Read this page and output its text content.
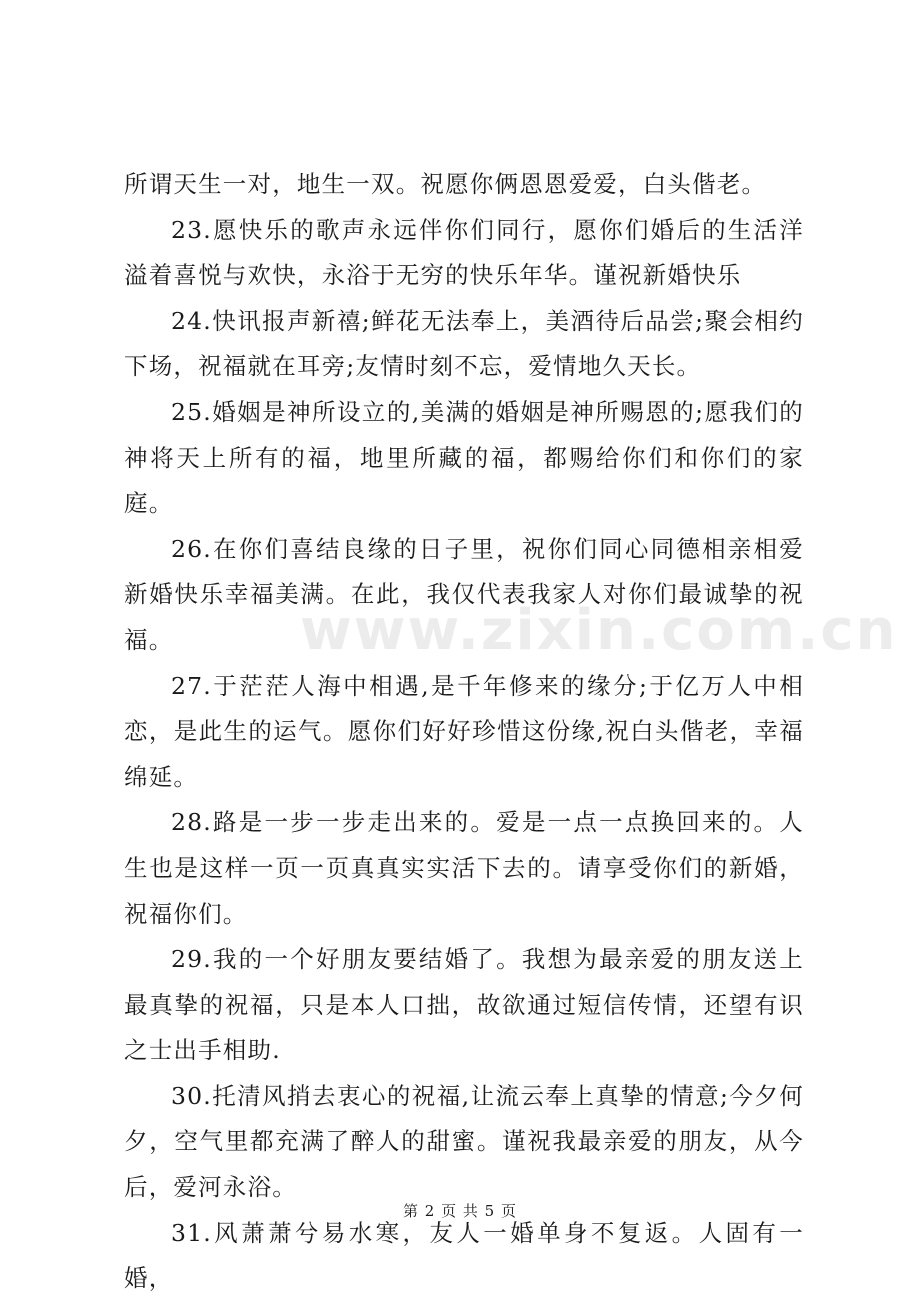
www.zixin.com.cn

所谓天生一对，地生一双。祝愿你俩恩恩爱爱，白头偕老。

23.愿快乐的歌声永远伴你们同行，愿你们婚后的生活洋溢着喜悦与欢快，永浴于无穷的快乐年华。谨祝新婚快乐

24.快讯报声新禧;鲜花无法奉上，美酒待后品尝;聚会相约下场，祝福就在耳旁;友情时刻不忘，爱情地久天长。

25.婚姻是神所设立的,美满的婚姻是神所赐恩的;愿我们的神将天上所有的福，地里所藏的福，都赐给你们和你们的家庭。

26.在你们喜结良缘的日子里，祝你们同心同德相亲相爱新婚快乐幸福美满。在此，我仅代表我家人对你们最诚挚的祝福。

27.于茫茫人海中相遇,是千年修来的缘分;于亿万人中相恋，是此生的运气。愿你们好好珍惜这份缘,祝白头偕老，幸福绵延。

28.路是一步一步走出来的。爱是一点一点换回来的。人生也是这样一页一页真真实实活下去的。请享受你们的新婚，祝福你们。

29.我的一个好朋友要结婚了。我想为最亲爱的朋友送上最真挚的祝福，只是本人口拙，故欲通过短信传情，还望有识之士出手相助.

30.托清风捎去衷心的祝福,让流云奉上真挚的情意;今夕何夕，空气里都充满了醉人的甜蜜。谨祝我最亲爱的朋友，从今后，爱河永浴。

31.风萧萧兮易水寒，友人一婚单身不复返。人固有一婚，

第 2 页 共 5 页
